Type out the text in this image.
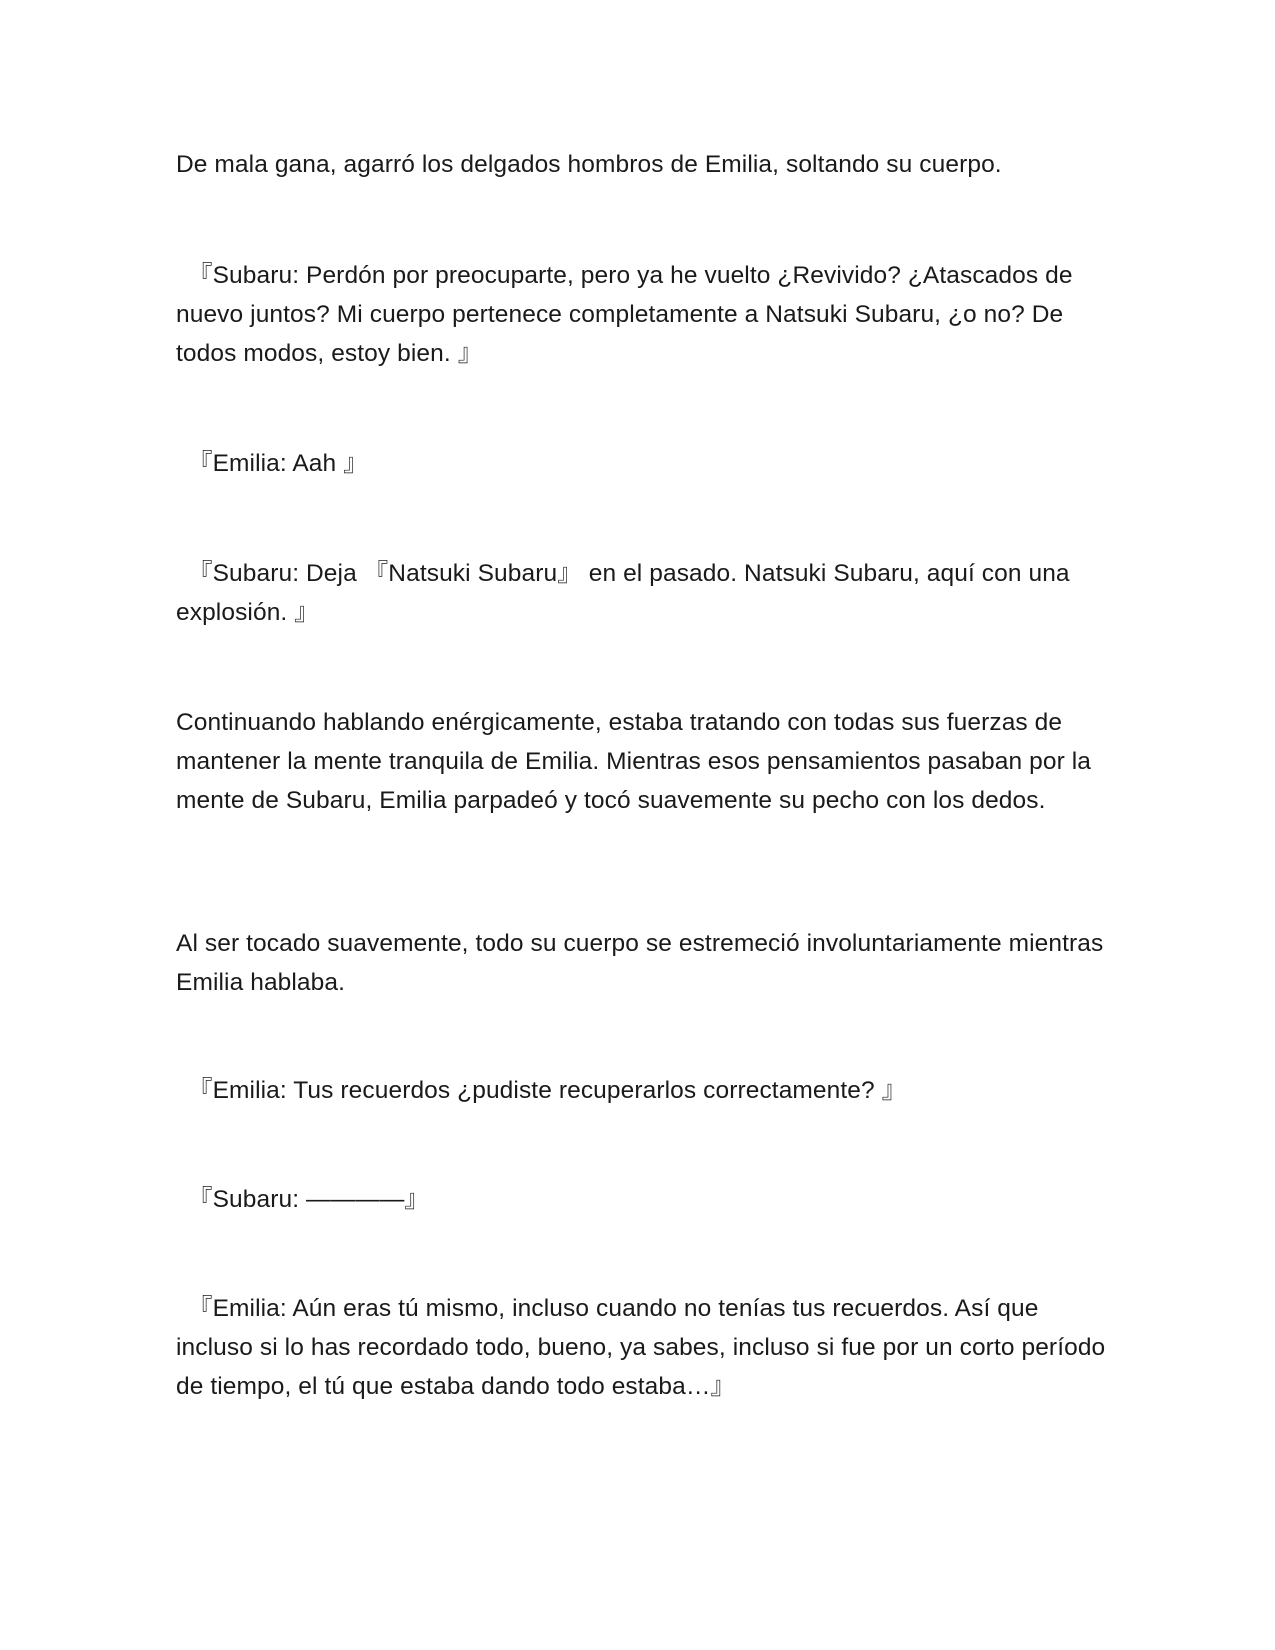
De mala gana, agarró los delgados hombros de Emilia, soltando su cuerpo.

『Subaru: Perdón por preocuparte, pero ya he vuelto ¿Revivido? ¿Atascados de nuevo juntos? Mi cuerpo pertenece completamente a Natsuki Subaru, ¿o no? De todos modos, estoy bien. 』

『Emilia: Aah 』

『Subaru: Deja 『Natsuki Subaru』 en el pasado. Natsuki Subaru, aquí con una explosión. 』

Continuando hablando enérgicamente, estaba tratando con todas sus fuerzas de mantener la mente tranquila de Emilia. Mientras esos pensamientos pasaban por la mente de Subaru, Emilia parpadeó y tocó suavemente su pecho con los dedos.

Al ser tocado suavemente, todo su cuerpo se estremeció involuntariamente mientras Emilia hablaba.

『Emilia: Tus recuerdos ¿pudiste recuperarlos correctamente? 』

『Subaru: ————』

『Emilia: Aún eras tú mismo, incluso cuando no tenías tus recuerdos. Así que incluso si lo has recordado todo, bueno, ya sabes, incluso si fue por un corto período de tiempo, el tú que estaba dando todo estaba…』
